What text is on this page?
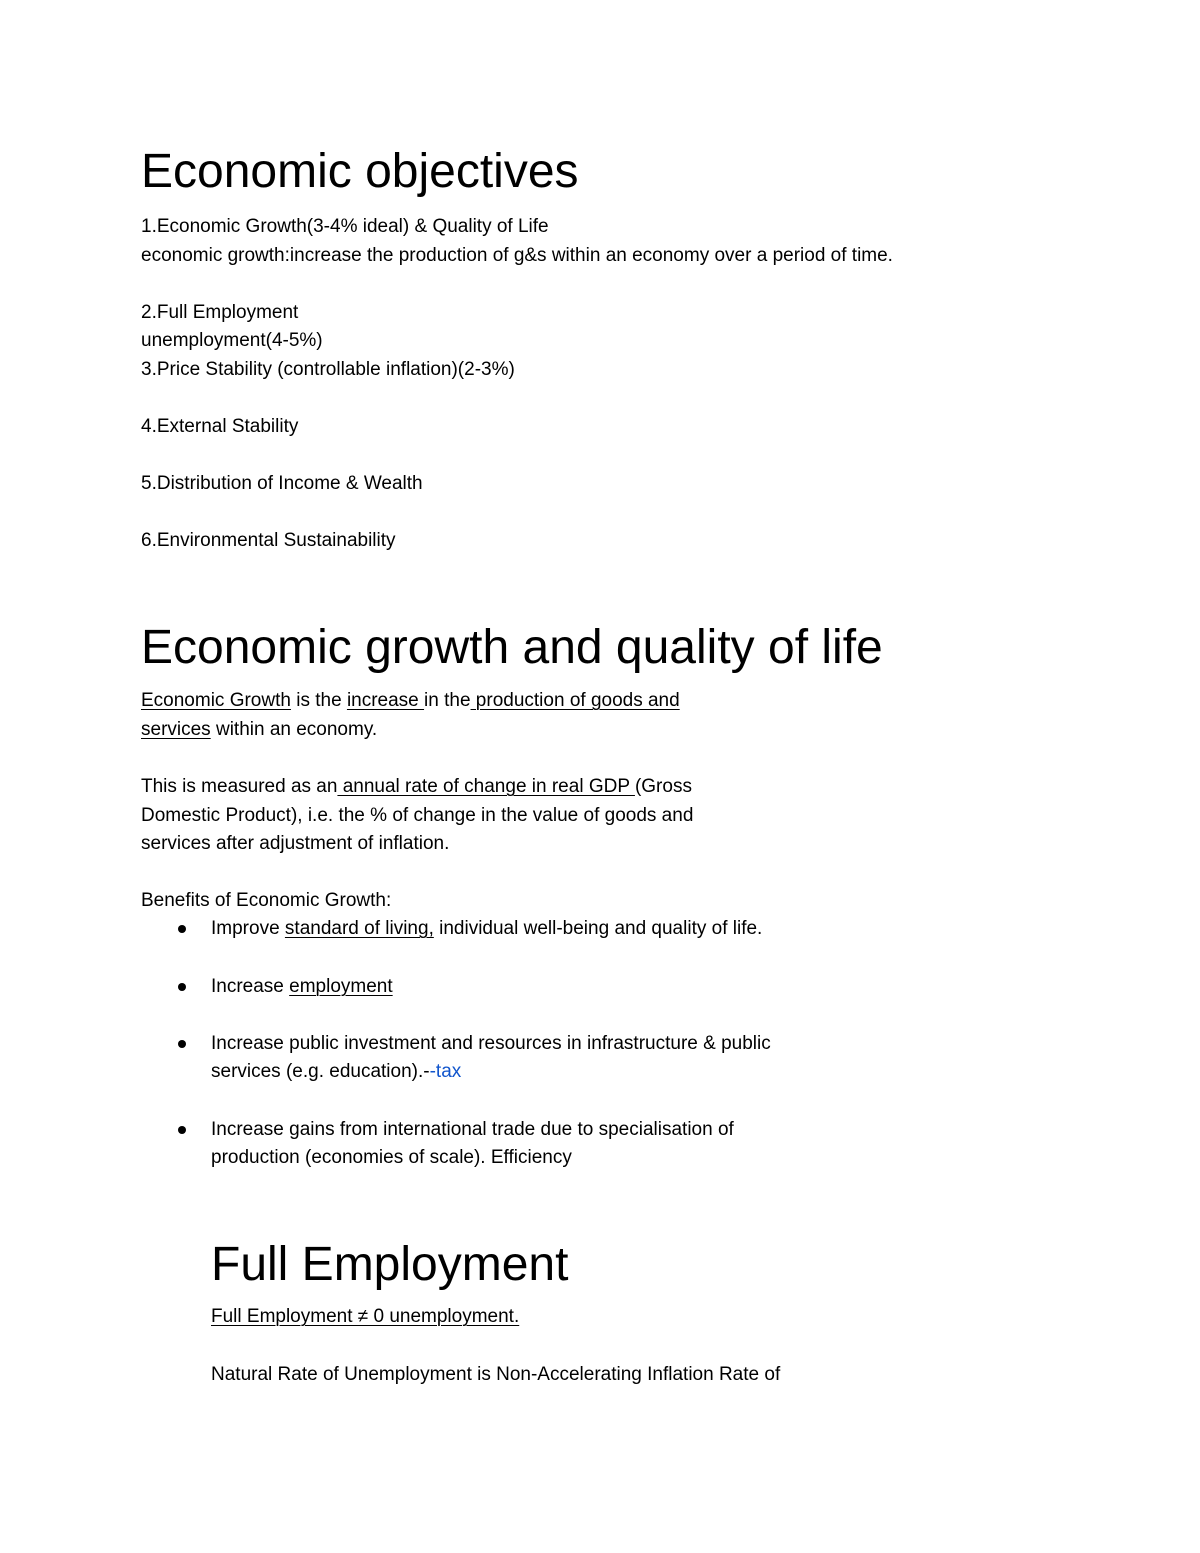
Economic objectives

1.Economic Growth(3-4% ideal) & Quality of Life

economic growth:increase the production of g&s within an economy over a period of time.

2.Full Employment

unemployment(4-5%)

3.Price Stability (controllable inflation)(2-3%)

4.External Stability

5.Distribution of Income & Wealth

6.Environmental Sustainability

Economic growth and quality of life

Economic Growth is the increase in the production of goods and

services within an economy.

This is measured as an annual rate of change in real GDP (Gross

Domestic Product), i.e. the % of change in the value of goods and

services after adjustment of inflation.

Benefits of Economic Growth:

Improve standard of living, individual well-being and quality of life.

Increase employment

Increase public investment and resources in infrastructure & public

services (e.g. education).--tax

Increase gains from international trade due to specialisation of

production (economies of scale). Efficiency

Full Employment

Full Employment ≠ 0 unemployment.

Natural Rate of Unemployment is Non-Accelerating Inflation Rate of
